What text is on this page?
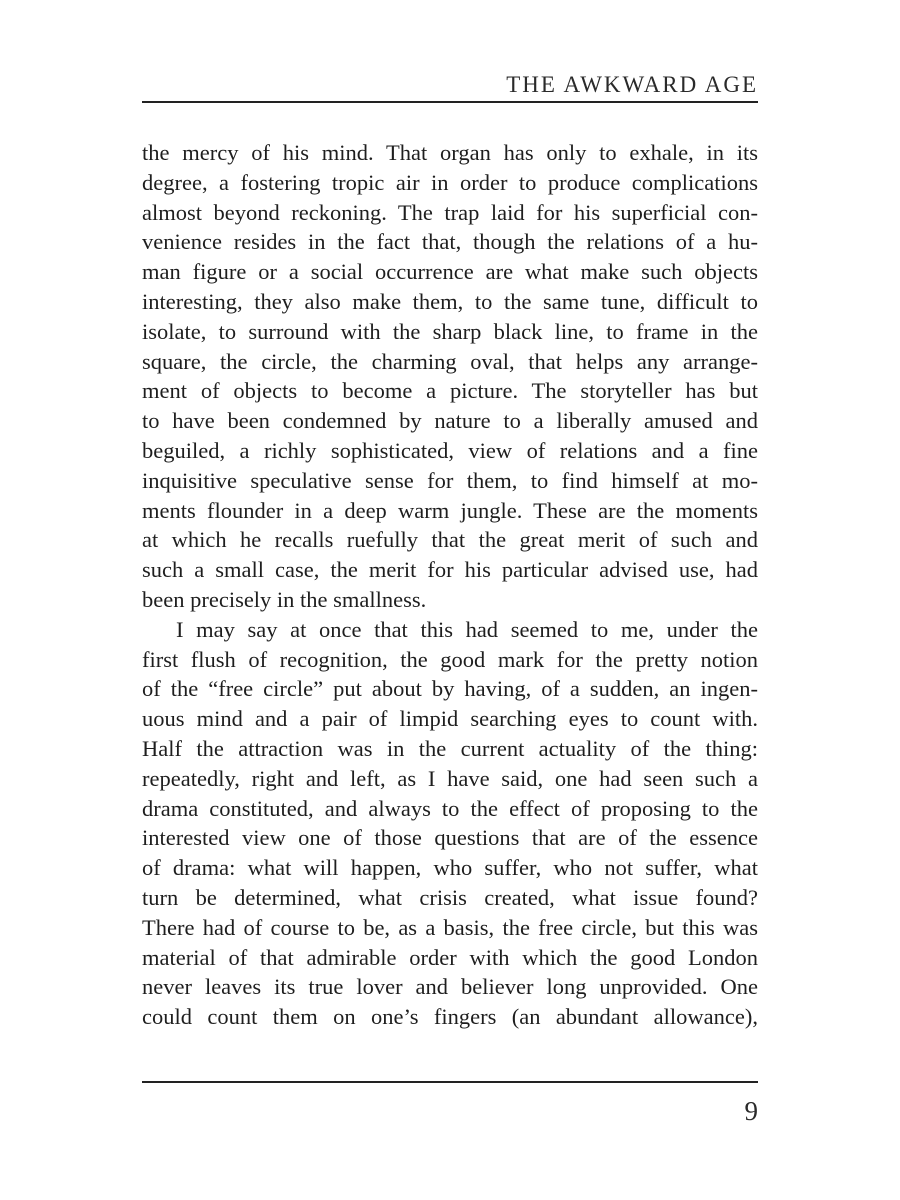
THE AWKWARD AGE
the mercy of his mind. That organ has only to exhale, in its
degree, a fostering tropic air in order to produce complications
almost beyond reckoning. The trap laid for his superficial con-
venience resides in the fact that, though the relations of a hu-
man figure or a social occurrence are what make such objects
interesting, they also make them, to the same tune, difficult to
isolate, to surround with the sharp black line, to frame in the
square, the circle, the charming oval, that helps any arrange-
ment of objects to become a picture. The storyteller has but
to have been condemned by nature to a liberally amused and
beguiled, a richly sophisticated, view of relations and a fine
inquisitive speculative sense for them, to find himself at mo-
ments flounder in a deep warm jungle. These are the moments
at which he recalls ruefully that the great merit of such and
such a small case, the merit for his particular advised use, had
been precisely in the smallness.
I may say at once that this had seemed to me, under the
first flush of recognition, the good mark for the pretty notion
of the “free circle” put about by having, of a sudden, an ingen-
uous mind and a pair of limpid searching eyes to count with.
Half the attraction was in the current actuality of the thing:
repeatedly, right and left, as I have said, one had seen such a
drama constituted, and always to the effect of proposing to the
interested view one of those questions that are of the essence
of drama: what will happen, who suffer, who not suffer, what
turn be determined, what crisis created, what issue found?
There had of course to be, as a basis, the free circle, but this was
material of that admirable order with which the good London
never leaves its true lover and believer long unprovided. One
could count them on one’s fingers (an abundant allowance),
9
